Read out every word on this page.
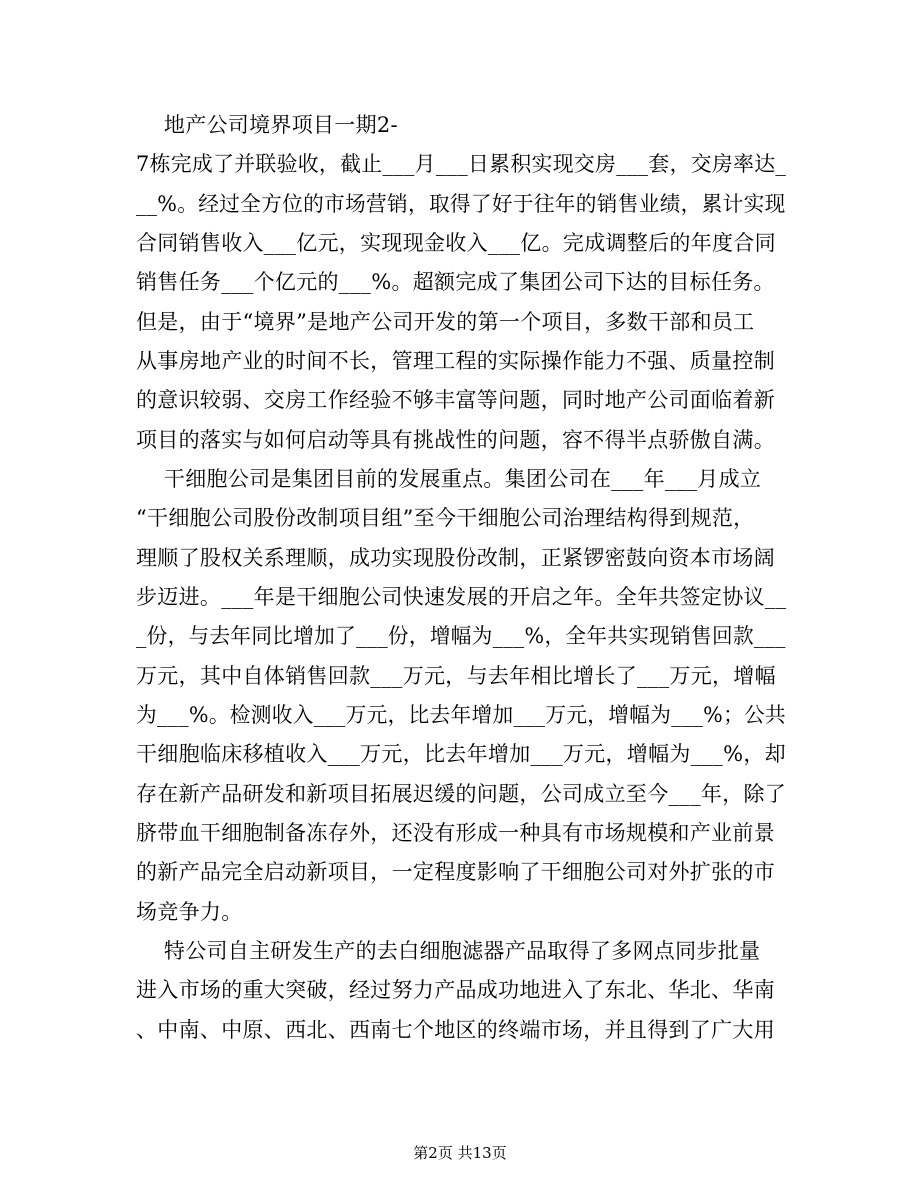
地产公司境界项目一期2-
7栋完成了并联验收，截止___月___日累积实现交房___套，交房率达_
__%。经过全方位的市场营销，取得了好于往年的销售业绩，累计实现
合同销售收入___亿元，实现现金收入___亿。完成调整后的年度合同
销售任务___个亿元的___%。超额完成了集团公司下达的目标任务。
但是，由于“境界”是地产公司开发的第一个项目，多数干部和员工
从事房地产业的时间不长，管理工程的实际操作能力不强、质量控制
的意识较弱、交房工作经验不够丰富等问题，同时地产公司面临着新
项目的落实与如何启动等具有挑战性的问题，容不得半点骄傲自满。
干细胞公司是集团目前的发展重点。集团公司在___年___月成立
“干细胞公司股份改制项目组”至今干细胞公司治理结构得到规范，
理顺了股权关系理顺，成功实现股份改制，正紧锣密鼓向资本市场阔
步迈进。___年是干细胞公司快速发展的开启之年。全年共签定协议__
_份，与去年同比增加了___份，增幅为___%，全年共实现销售回款___
万元，其中自体销售回款___万元，与去年相比增长了___万元，增幅
为___%。检测收入___万元，比去年增加___万元，增幅为___%；公共
干细胞临床移植收入___万元，比去年增加___万元，增幅为___%，却
存在新产品研发和新项目拓展迟缓的问题，公司成立至今___年，除了
脐带血干细胞制备冻存外，还没有形成一种具有市场规模和产业前景
的新产品完全启动新项目，一定程度影响了干细胞公司对外扩张的市
场竞争力。
特公司自主研发生产的去白细胞滤器产品取得了多网点同步批量
进入市场的重大突破，经过努力产品成功地进入了东北、华北、华南
、中南、中原、西北、西南七个地区的终端市场，并且得到了广大用
第2页 共13页
